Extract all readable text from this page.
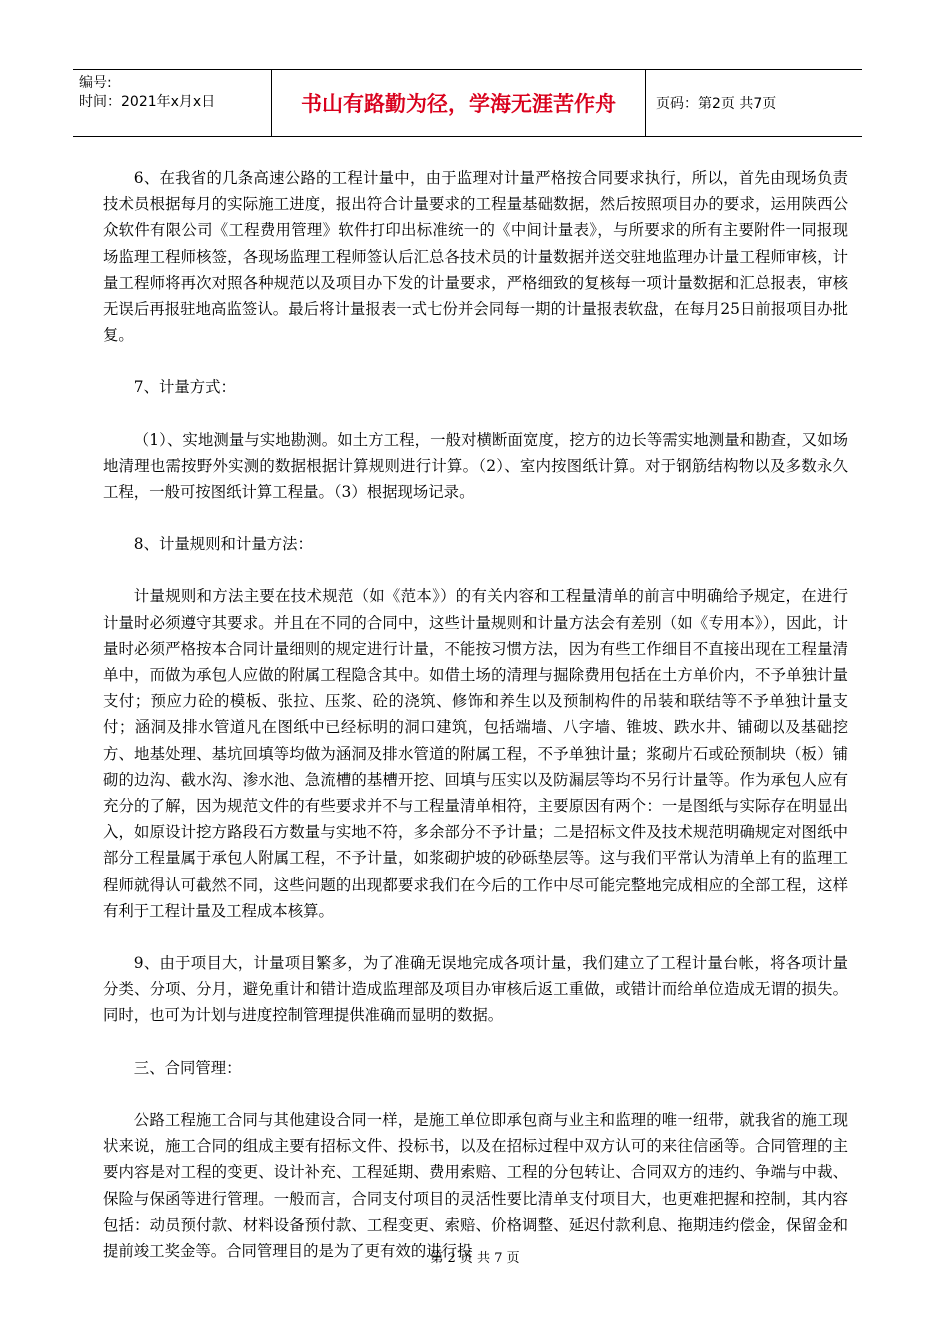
编号:
时间：2021年x月x日	书山有路勤为径，学海无涯苦作舟	页码：第2页 共7页

6、在我省的几条高速公路的工程计量中，由于监理对计量严格按合同要求执行，所以，首先由现场负责技术员根据每月的实际施工进度，报出符合计量要求的工程量基础数据，然后按照项目办的要求，运用陕西公众软件有限公司《工程费用管理》软件打印出标准统一的《中间计量表》，与所要求的所有主要附件一同报现场监理工程师核签，各现场监理工程师签认后汇总各技术员的计量数据并送交驻地监理办计量工程师审核，计量工程师将再次对照各种规范以及项目办下发的计量要求，严格细致的复核每一项计量数据和汇总报表，审核无误后再报驻地高监签认。最后将计量报表一式七份并会同每一期的计量报表软盘，在每月25日前报项目办批复。

7、计量方式：

（1）、实地测量与实地勘测。如土方工程，一般对横断面宽度，挖方的边长等需实地测量和勘查，又如场地清理也需按野外实测的数据根据计算规则进行计算。（2）、室内按图纸计算。对于钢筋结构物以及多数永久工程，一般可按图纸计算工程量。（3）根据现场记录。

8、计量规则和计量方法：

计量规则和方法主要在技术规范（如《范本》）的有关内容和工程量清单的前言中明确给予规定，在进行计量时必须遵守其要求。并且在不同的合同中，这些计量规则和计量方法会有差别（如《专用本》），因此，计量时必须严格按本合同计量细则的规定进行计量，不能按习惯方法，因为有些工作细目不直接出现在工程量清单中，而做为承包人应做的附属工程隐含其中。如借土场的清理与掘除费用包括在土方单价内，不予单独计量支付；预应力砼的模板、张拉、压浆、砼的浇筑、修饰和养生以及预制构件的吊装和联结等不予单独计量支付；涵洞及排水管道凡在图纸中已经标明的洞口建筑，包括端墙、八字墙、锥坡、跌水井、铺砌以及基础挖方、地基处理、基坑回填等均做为涵洞及排水管道的附属工程，不予单独计量；浆砌片石或砼预制块（板）铺砌的边沟、截水沟、渗水池、急流槽的基槽开挖、回填与压实以及防漏层等均不另行计量等。作为承包人应有充分的了解，因为规范文件的有些要求并不与工程量清单相符，主要原因有两个：一是图纸与实际存在明显出入，如原设计挖方路段石方数量与实地不符，多余部分不予计量；二是招标文件及技术规范明确规定对图纸中部分工程量属于承包人附属工程，不予计量，如浆砌护坡的砂砾垫层等。这与我们平常认为清单上有的监理工程师就得认可截然不同，这些问题的出现都要求我们在今后的工作中尽可能完整地完成相应的全部工程，这样有利于工程计量及工程成本核算。

9、由于项目大，计量项目繁多，为了准确无误地完成各项计量，我们建立了工程计量台帐，将各项计量分类、分项、分月，避免重计和错计造成监理部及项目办审核后返工重做，或错计而给单位造成无谓的损失。同时，也可为计划与进度控制管理提供准确而显明的数据。

三、合同管理：

公路工程施工合同与其他建设合同一样，是施工单位即承包商与业主和监理的唯一纽带，就我省的施工现状来说，施工合同的组成主要有招标文件、投标书，以及在招标过程中双方认可的来往信函等。合同管理的主要内容是对工程的变更、设计补充、工程延期、费用索赔、工程的分包转让、合同双方的违约、争端与中裁、保险与保函等进行管理。一般而言，合同支付项目的灵活性要比清单支付项目大，也更难把握和控制，其内容包括：动员预付款、材料设备预付款、工程变更、索赔、价格调整、延迟付款利息、拖期违约偿金，保留金和提前竣工奖金等。合同管理目的是为了更有效的进行投

第 2 页 共 7 页
